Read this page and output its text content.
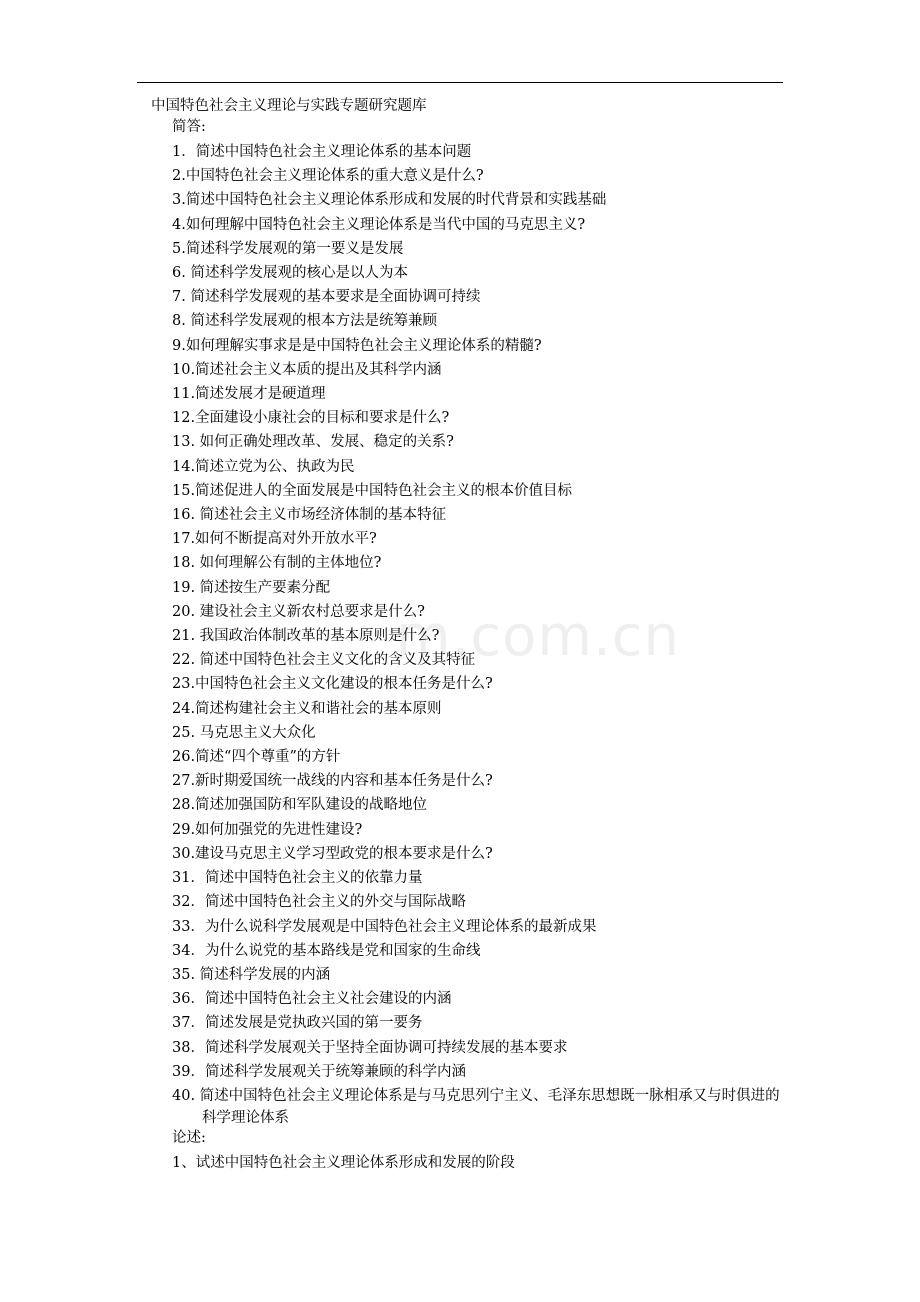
中国特色社会主义理论与实践专题研究题库
简答:
1．简述中国特色社会主义理论体系的基本问题
2.中国特色社会主义理论体系的重大意义是什么?
3.简述中国特色社会主义理论体系形成和发展的时代背景和实践基础
4.如何理解中国特色社会主义理论体系是当代中国的马克思主义?
5.简述科学发展观的第一要义是发展
6. 简述科学发展观的核心是以人为本
7. 简述科学发展观的基本要求是全面协调可持续
8. 简述科学发展观的根本方法是统筹兼顾
9.如何理解实事求是是中国特色社会主义理论体系的精髓?
10.简述社会主义本质的提出及其科学内涵
11.简述发展才是硬道理
12.全面建设小康社会的目标和要求是什么?
13. 如何正确处理改革、发展、稳定的关系?
14.简述立党为公、执政为民
15.简述促进人的全面发展是中国特色社会主义的根本价值目标
16. 简述社会主义市场经济体制的基本特征
17.如何不断提高对外开放水平?
18. 如何理解公有制的主体地位?
19. 简述按生产要素分配
20. 建设社会主义新农村总要求是什么?
21. 我国政治体制改革的基本原则是什么?
22. 简述中国特色社会主义文化的含义及其特征
23.中国特色社会主义文化建设的根本任务是什么?
24.简述构建社会主义和谐社会的基本原则
25. 马克思主义大众化
26.简述“四个尊重”的方针
27.新时期爱国统一战线的内容和基本任务是什么?
28.简述加强国防和军队建设的战略地位
29.如何加强党的先进性建设?
30.建设马克思主义学习型政党的根本要求是什么?
31．简述中国特色社会主义的依靠力量
32．简述中国特色社会主义的外交与国际战略
33．为什么说科学发展观是中国特色社会主义理论体系的最新成果
34．为什么说党的基本路线是党和国家的生命线
35. 简述科学发展的内涵
36．简述中国特色社会主义社会建设的内涵
37．简述发展是党执政兴国的第一要务
38．简述科学发展观关于坚持全面协调可持续发展的基本要求
39．简述科学发展观关于统筹兼顾的科学内涵
40. 简述中国特色社会主义理论体系是与马克思列宁主义、毛泽东思想既一脉相承又与时俱进的科学理论体系
论述:
1、试述中国特色社会主义理论体系形成和发展的阶段
m.com.cn
